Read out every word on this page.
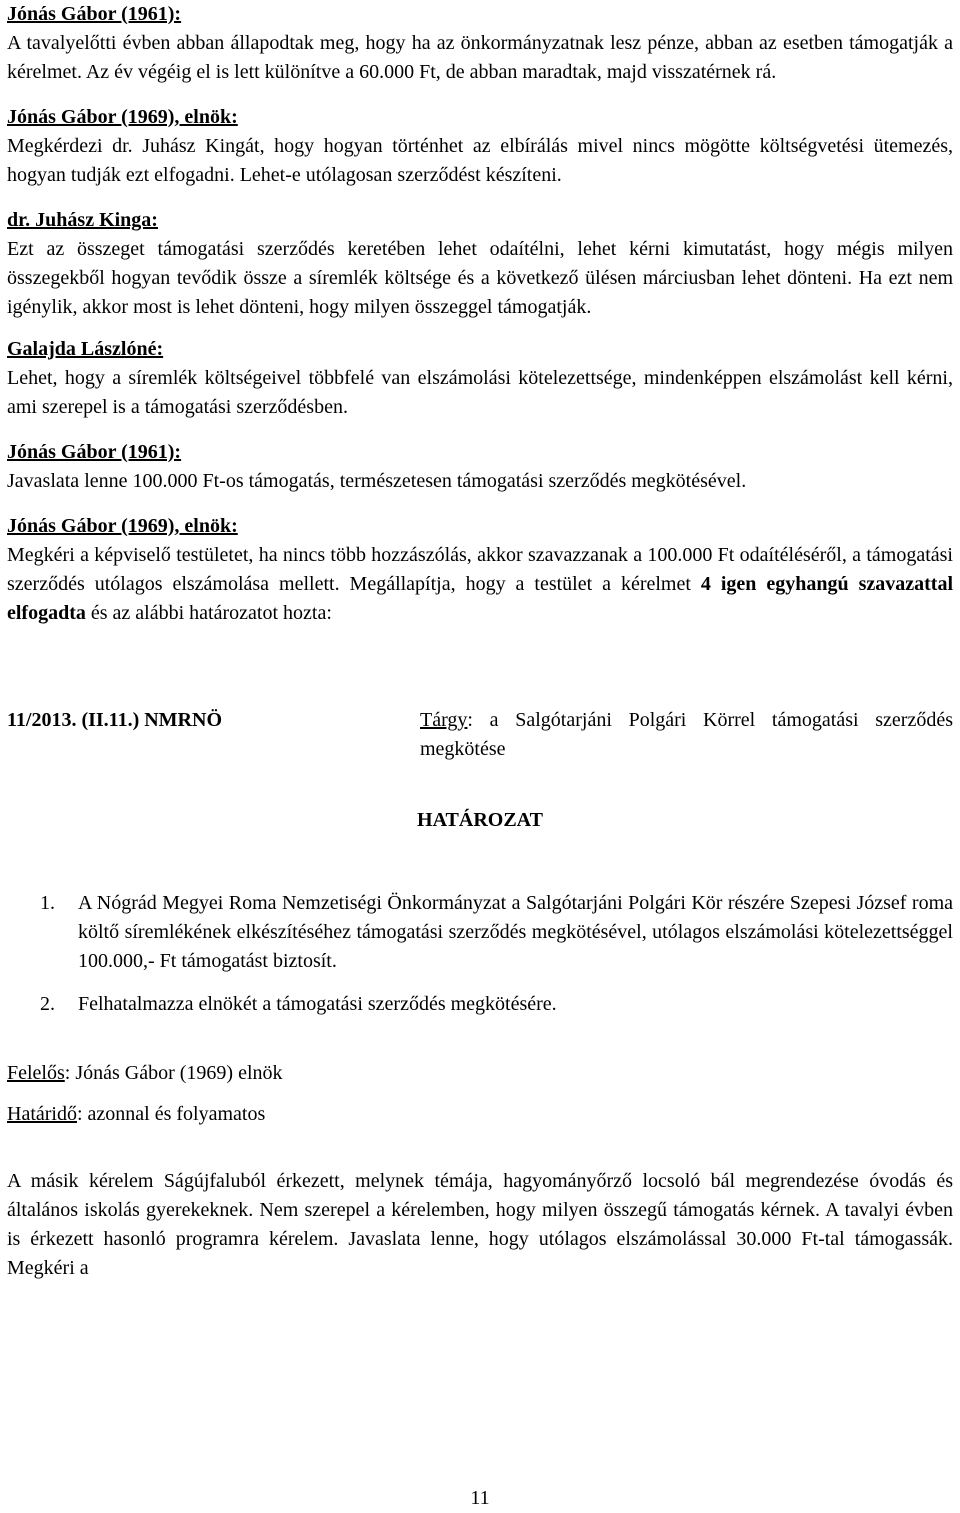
Jónás Gábor (1961):

A tavalyelőtti évben abban állapodtak meg, hogy ha az önkormányzatnak lesz pénze, abban az esetben támogatják a kérelmet. Az év végéig el is lett különítve a 60.000 Ft, de abban maradtak, majd visszatérnek rá.

Jónás Gábor (1969), elnök:

Megkérdezi dr. Juhász Kingát, hogy hogyan történhet az elbírálás mivel nincs mögötte költségvetési ütemezés, hogyan tudják ezt elfogadni. Lehet-e utólagosan szerződést készíteni.

dr. Juhász Kinga:

Ezt az összeget támogatási szerződés keretében lehet odaítélni, lehet kérni kimutatást, hogy mégis milyen összegekből hogyan tevődik össze a síremlék költsége és a következő ülésen márciusban lehet dönteni. Ha ezt nem igénylik, akkor most is lehet dönteni, hogy milyen összeggel támogatják.

Galajda Lászlóné:

Lehet, hogy a síremlék költségeivel többfelé van elszámolási kötelezettsége, mindenképpen elszámolást kell kérni, ami szerepel is a támogatási szerződésben.

Jónás Gábor (1961):

Javaslata lenne 100.000 Ft-os támogatás, természetesen támogatási szerződés megkötésével.

Jónás Gábor (1969), elnök:

Megkéri a képviselő testületet, ha nincs több hozzászólás, akkor szavazzanak a 100.000 Ft odaítéléséről, a támogatási szerződés utólagos elszámolása mellett. Megállapítja, hogy a testület a kérelmet 4 igen egyhangú szavazattal elfogadta és az alábbi határozatot hozta:

11/2013. (II.11.) NMRNÖ	Tárgy: a Salgótarjáni Polgári Körrel támogatási szerződés megkötése
HATÁROZAT
1. A Nógrád Megyei Roma Nemzetiségi Önkormányzat a Salgótarjáni Polgári Kör részére Szepesi József roma költő síremlékének elkészítéséhez támogatási szerződés megkötésével, utólagos elszámolási kötelezettséggel 100.000,- Ft támogatást biztosít.
2. Felhatalmazza elnökét a támogatási szerződés megkötésére.
Felelős: Jónás Gábor (1969) elnök
Határidő: azonnal és folyamatos

A másik kérelem Ságújfaluból érkezett, melynek témája, hagyományőrző locsoló bál megrendezése óvodás és általános iskolás gyerekeknek. Nem szerepel a kérelemben, hogy milyen összegű támogatás kérnek. A tavalyi évben is érkezett hasonló programra kérelem. Javaslata lenne, hogy utólagos elszámolással 30.000 Ft-tal támogassák. Megkéri a

11
